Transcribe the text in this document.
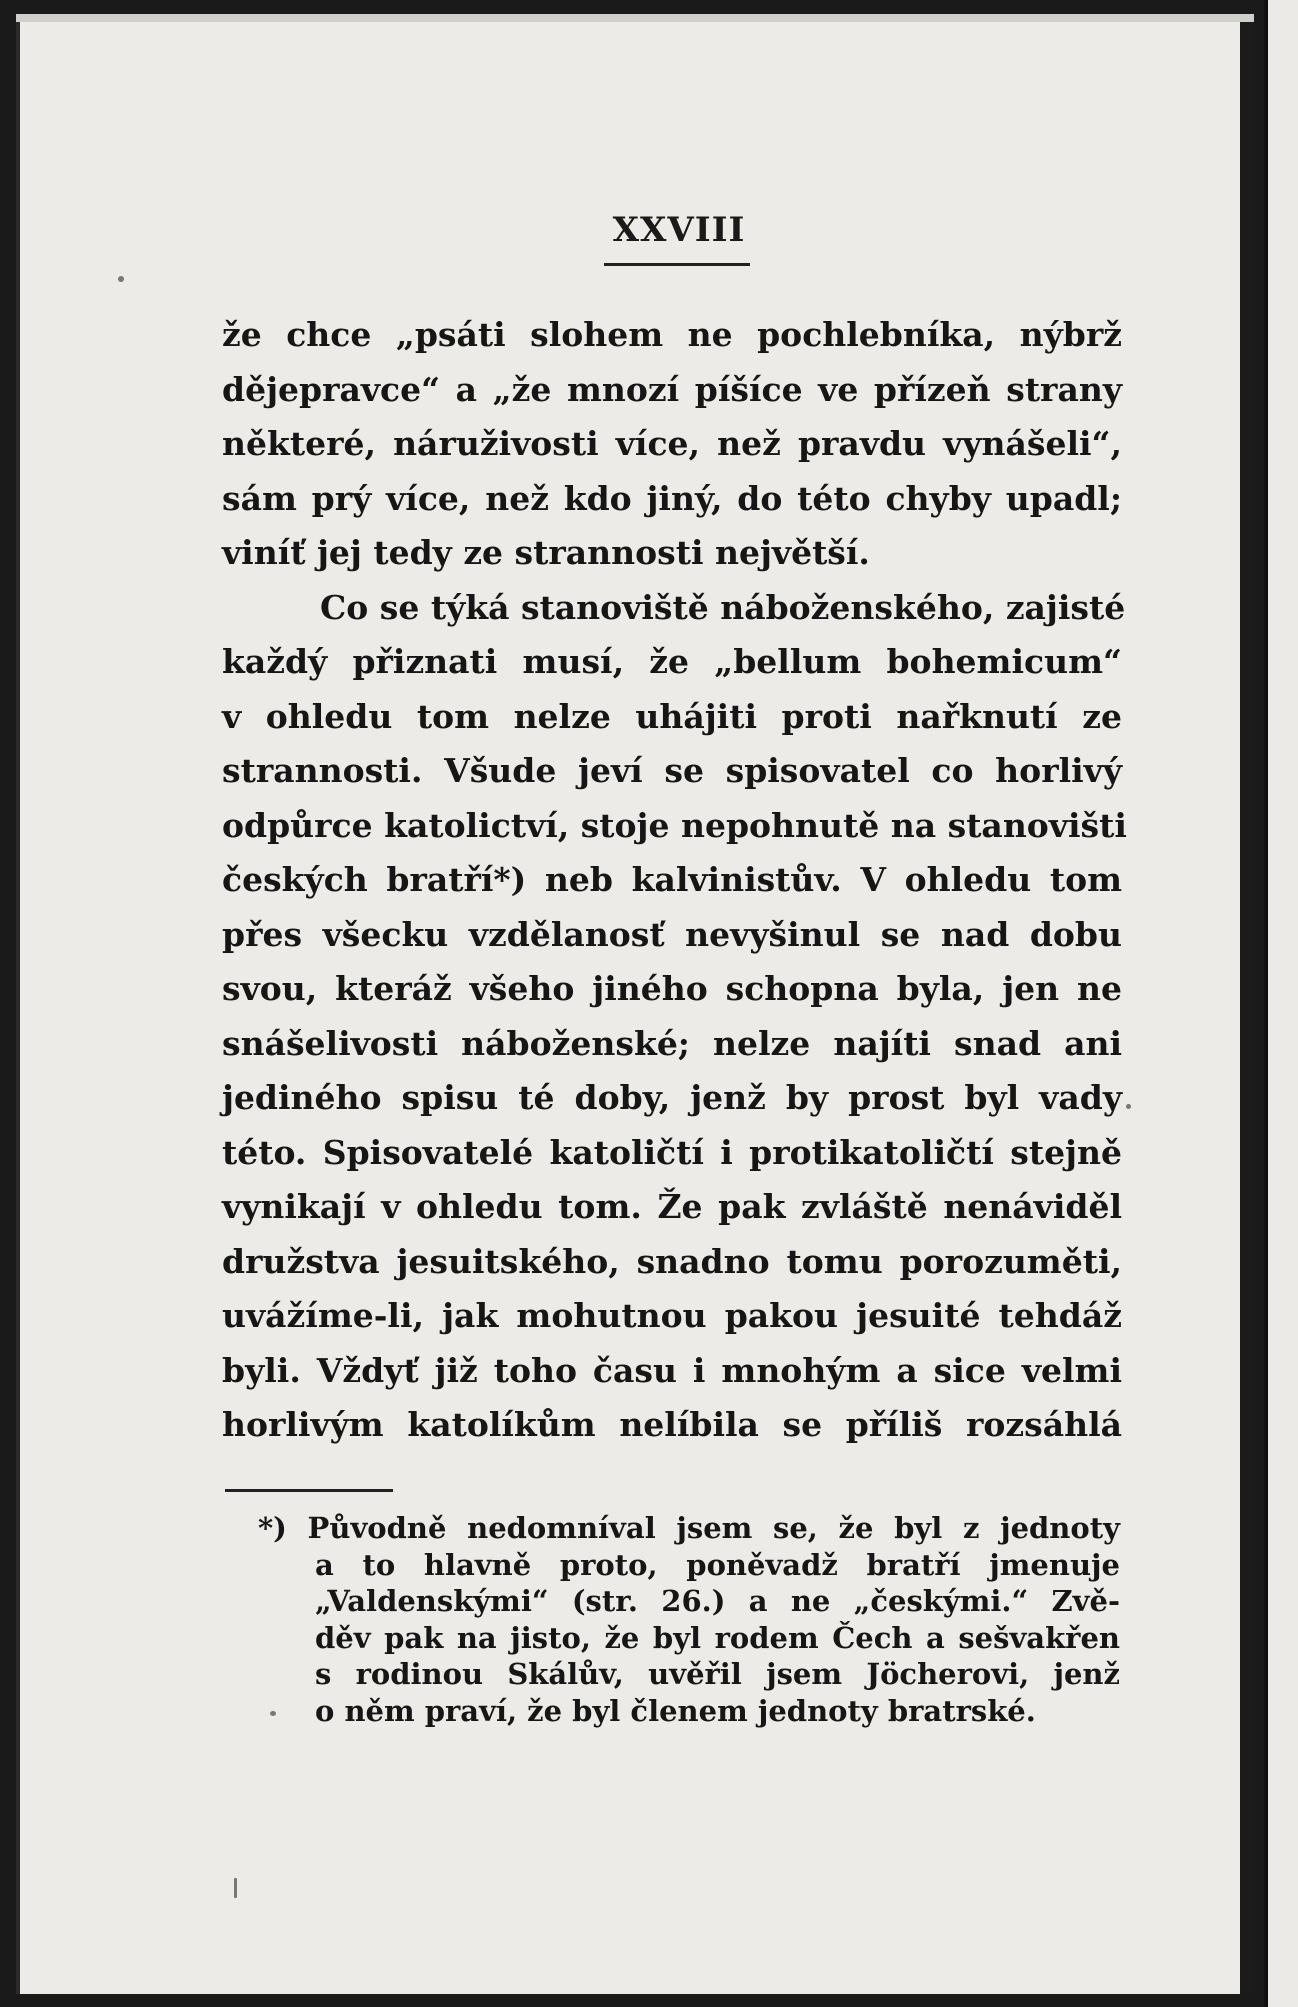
XXVIII
že chce „psáti slohem ne pochlebníka, nýbrž
dějepravce“ a „že mnozí píšíce ve přízeň strany
některé, náruživosti více, než pravdu vynášeli“,
sám prý více, než kdo jiný, do této chyby upadl;
viníť jej tedy ze strannosti největší.
Co se týká stanoviště náboženského, zajisté
každý přiznati musí, že „bellum bohemicum“
v ohledu tom nelze uhájiti proti nařknutí ze
strannosti. Všude jeví se spisovatel co horlivý
odpůrce katolictví, stoje nepohnutě na stanovišti
českých bratří*) neb kalvinistův. V ohledu tom
přes všecku vzdělanosť nevyšinul se nad dobu
svou, kteráž všeho jiného schopna byla, jen ne
snášelivosti náboženské; nelze najíti snad ani
jediného spisu té doby, jenž by prost byl vady
této. Spisovatelé katoličtí i protikatoličtí stejně
vynikají v ohledu tom. Že pak zvláště nenáviděl
družstva jesuitského, snadno tomu porozuměti,
uvážíme-li, jak mohutnou pakou jesuité tehdáž
byli. Vždyť již toho času i mnohým a sice velmi
horlivým katolíkům nelíbila se příliš rozsáhlá
*) Původně nedomníval jsem se, že byl z jednoty
a to hlavně proto, poněvadž bratří jmenuje
„Valdenskými“ (str. 26.) a ne „českými.“ Zvě-
děv pak na jisto, že byl rodem Čech a sešvakřen
s rodinou Skálův, uvěřil jsem Jöcherovi, jenž
o něm praví, že byl členem jednoty bratrské.
